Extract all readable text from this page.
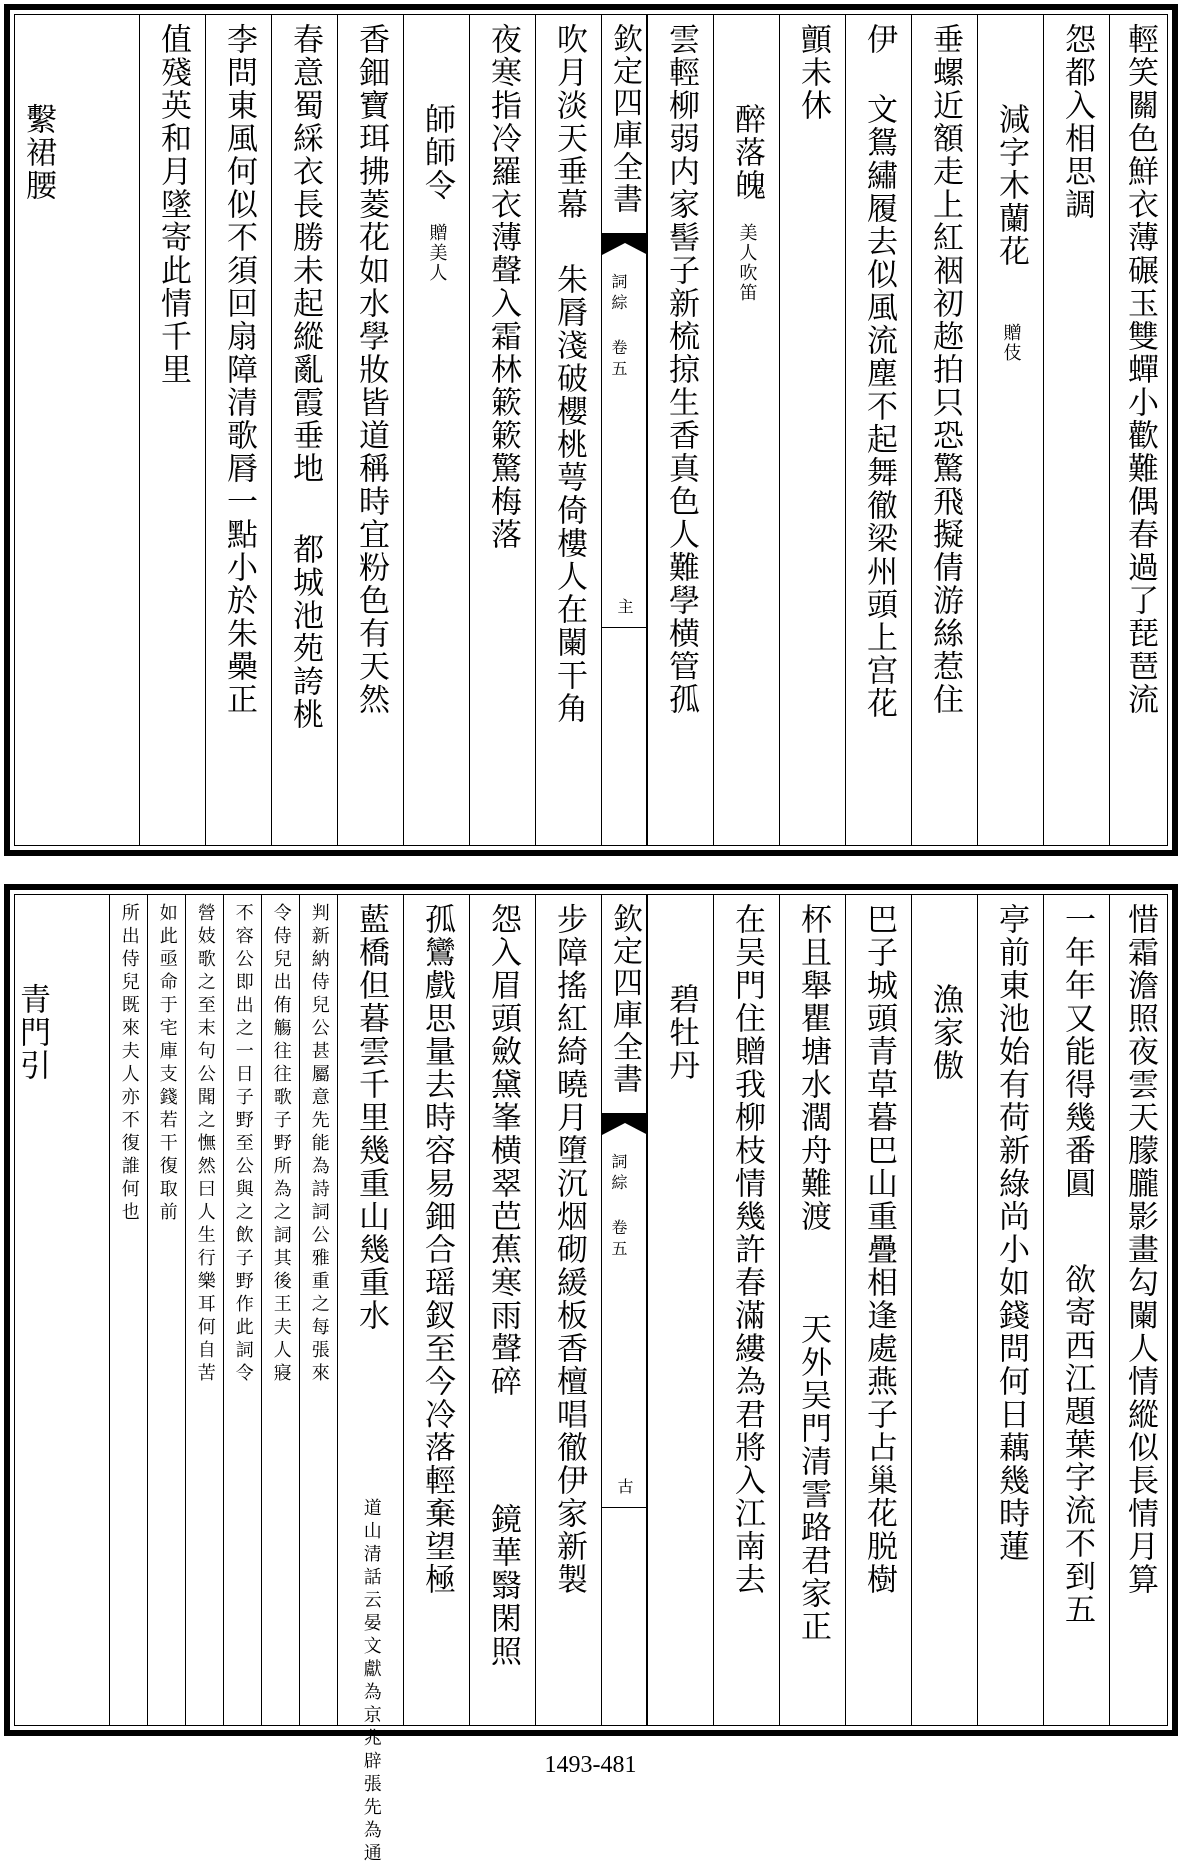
輕笑關色鮮衣薄碾玉雙蟬小歡難偶春過了琵琶流
怨都入相思調
減字木蘭花
贈伎
垂螺近額走上紅裀初趂拍只恐驚飛擬倩游絲惹住
伊
文鴛繡履去似風流塵不起舞徹梁州頭上宫花
顫未休
醉落魄
美人吹笛
雲輕柳弱内家髻子新梳掠生香真色人難學横管孤
欽定四庫全書
詞綜 卷五
主
吹月淡天垂幕
朱脣淺破櫻桃萼倚樓人在闌干角
夜寒指冷羅衣薄聲入霜林簌簌驚梅落
師師令
贈美人
香鈿寶珥拂菱花如水學妝皆道稱時宜粉色有天然
春意蜀綵衣長勝未起縱亂霞垂地
都城池苑誇桃
李問東風何似不須回扇障清歌脣一點小於朱櫐正
值殘英和月墜寄此情千里
繫裙腰
惜霜澹照夜雲天朦朧影畫勾闌人情縱似長情月算
一年年又能得幾番圓
欲寄西江題葉字流不到五
亭前東池始有荷新綠尚小如錢問何日藕幾時蓮
漁家傲
巴子城頭青草暮巴山重疊相逢處燕子占巢花脱樹
杯且舉瞿塘水濶舟難渡
天外吴門清霅路君家正
在吴門住贈我柳枝情幾許春滿縷為君將入江南去
碧牡丹
欽定四庫全書
詞綜 卷五
古
步障搖紅綺曉月墮沉烟砌緩板香檀唱徹伊家新製
怨入眉頭斂黛峯横翠芭蕉寒雨聲碎
鏡華翳閑照
孤鸞戲思量去時容易鈿合瑶釵至今冷落輕棄望極
藍橋但暮雲千里幾重山幾重水
道山清話云晏文獻為京兆辟張先為通
判新納侍兒公甚屬意先能為詩詞公雅重之每張來
令侍兒出侑觴往往歌子野所為之詞其後王夫人寢
不容公即出之一日子野至公與之飲子野作此詞令
營妓歌之至末句公聞之憮然曰人生行樂耳何自苦
如此亟命于宅庫支錢若干復取前
所出侍兒既來夫人亦不復誰何也
青門引
1493-481
